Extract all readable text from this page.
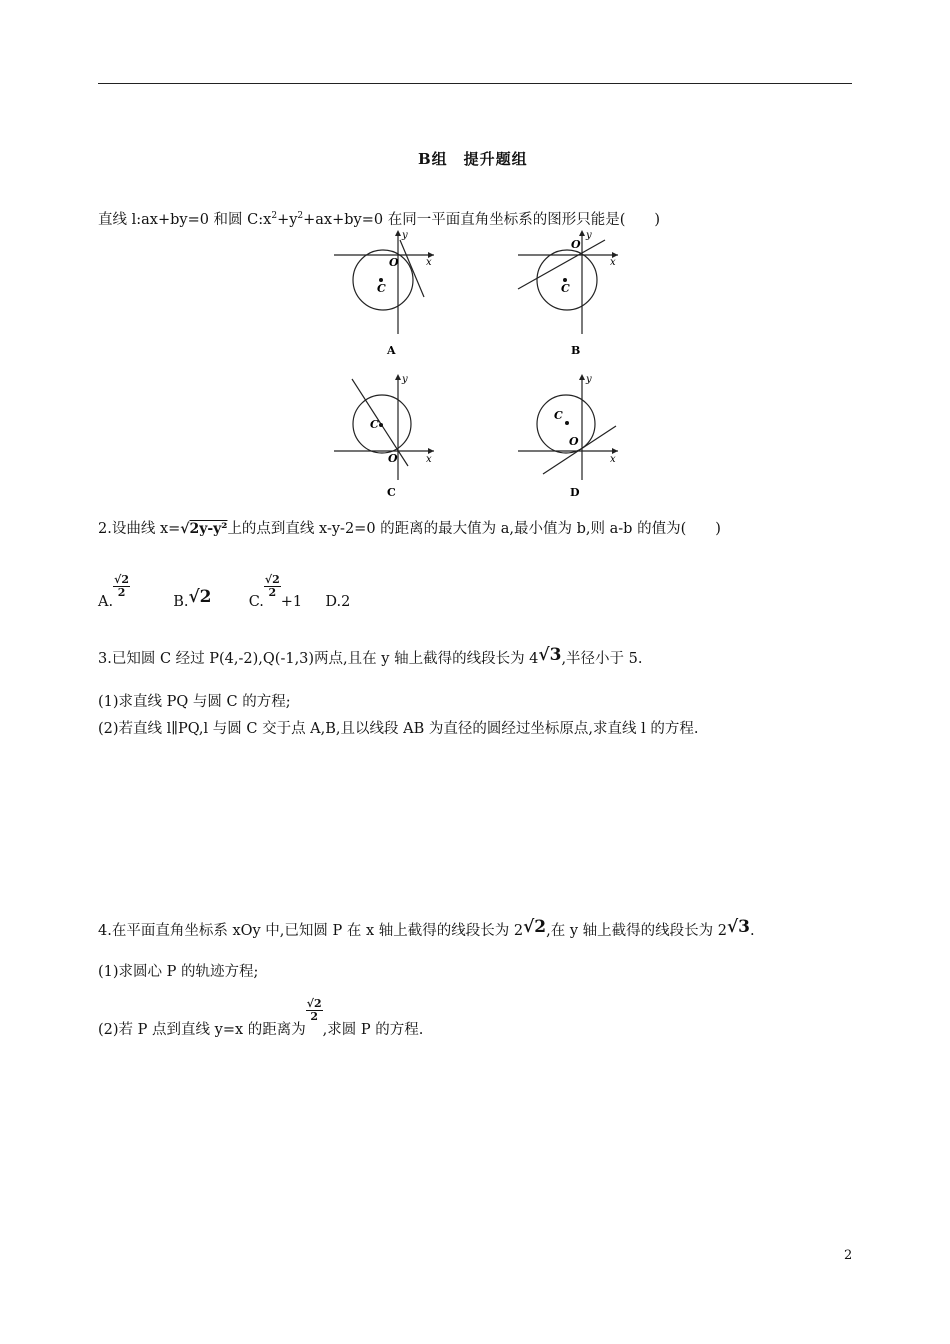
B组　提升题组
直线 l:ax+by=0 和圆 $C:x^2+y^2+ax+by=0$ 在同一平面直角坐标系的图形只能是(　　)
C
O	x
y
A
C
O
x
y
B
C
O	x
y
C
C
O
x
y
D
2.设曲线 x=√2y-y²上的点到直线 x-y-2=0 的距离的最大值为 a,最小值为 b,则 a-b 的值为(　　)
A.
$\frac{√2}{2}$
B.√2	C.
$\frac{√2}{2}$
+1 D.2
3.已知圆 C 经过 P(4,-2),Q(-1,3)两点,且在 y 轴上截得的线段长为 4√3,半径小于 5.
(1)求直线 PQ 与圆 C 的方程;
(2)若直线 l∥PQ,l 与圆 C 交于点 A,B,且以线段 AB 为直径的圆经过坐标原点,求直线 l 的方程.
4.在平面直角坐标系 xOy 中,已知圆 P 在 x 轴上截得的线段长为 2√2,在 y 轴上截得的线段长为 2√3.
(1)求圆心 P 的轨迹方程;
(2)若 P 点到直线 y=x 的距离为
$\frac{√2}{2}$
,求圆 P 的方程.
2
